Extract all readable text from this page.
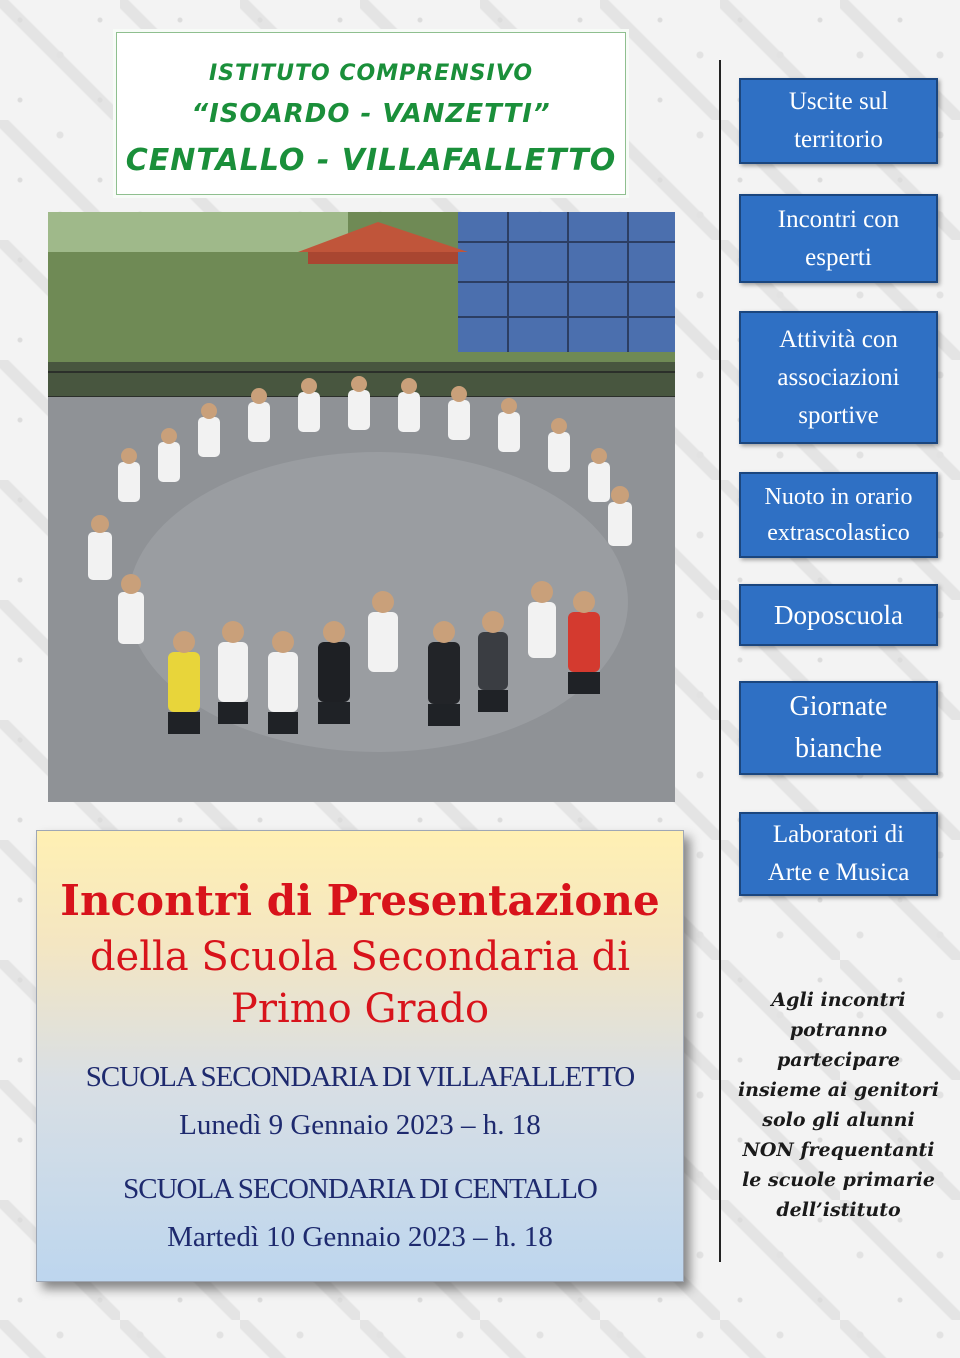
ISTITUTO COMPRENSIVO
“ISOARDO - VANZETTI”
CENTALLO - VILLAFALLETTO
Incontri di Presentazione
della Scuola Secondaria di
Primo Grado
SCUOLA SECONDARIA DI VILLAFALLETTO
Lunedì 9 Gennaio 2023 – h. 18
SCUOLA SECONDARIA DI CENTALLO
Martedì 10 Gennaio 2023 – h. 18
Uscite sul
territorio
Incontri con
esperti
Attività con
associazioni
sportive
Nuoto in orario
extrascolastico
Doposcuola
Giornate
bianche
Laboratori di
Arte e Musica
Agli incontri potranno partecipare insieme ai genitori solo gli alunni NON frequentanti le scuole primarie dell’istituto
